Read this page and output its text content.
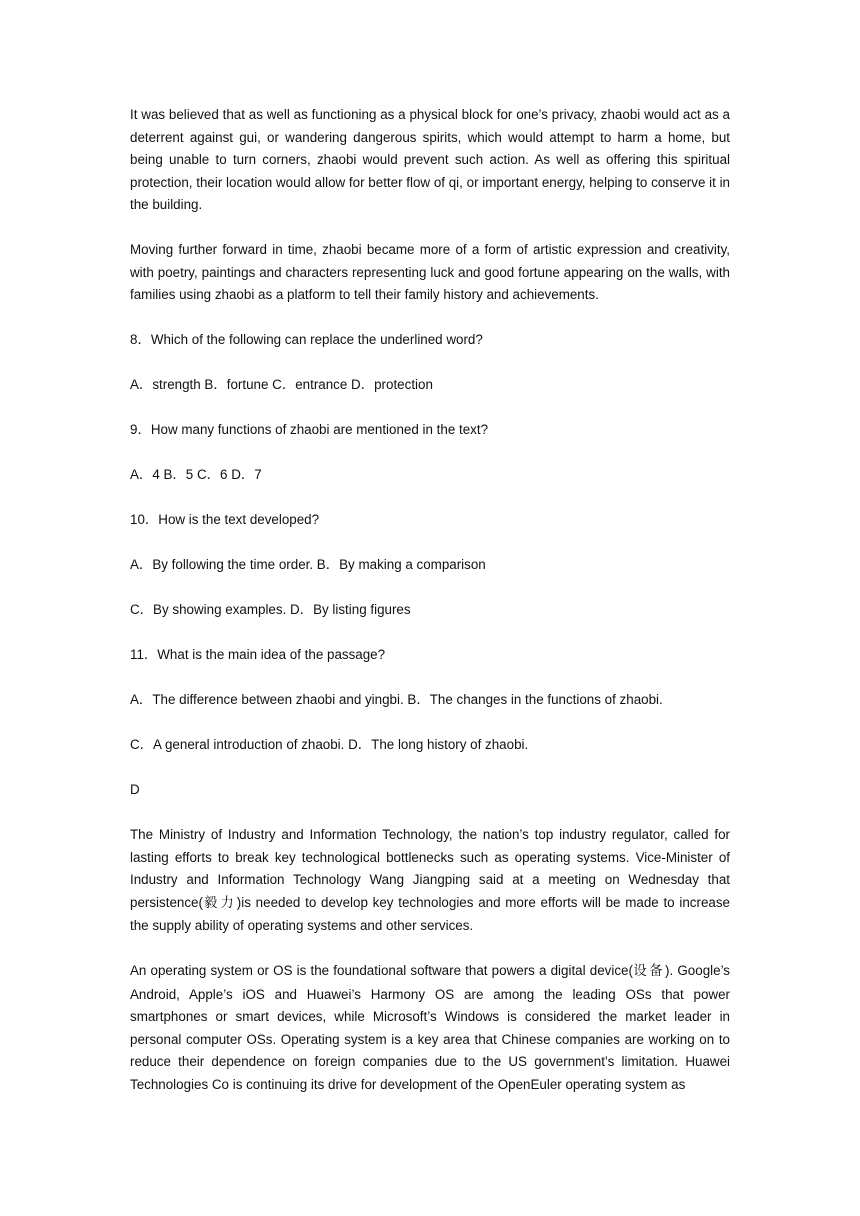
It was believed that as well as functioning as a physical block for one’s privacy, zhaobi would act as a deterrent against gui, or wandering dangerous spirits, which would attempt to harm a home, but being unable to turn corners, zhaobi would prevent such action. As well as offering this spiritual protection, their location would allow for better flow of qi, or important energy, helping to conserve it in the building.

Moving further forward in time, zhaobi became more of a form of artistic expression and creativity, with poetry, paintings and characters representing luck and good fortune appearing on the walls, with families using zhaobi as a platform to tell their family history and achievements.

8．Which of the following can replace the underlined word?
A．strength B．fortune C．entrance D．protection
9．How many functions of zhaobi are mentioned in the text?
A．4 B．5 C．6 D．7
10．How is the text developed?
A．By following the time order. B．By making a comparison
C．By showing examples. D．By listing figures
11．What is the main idea of the passage?
A．The difference between zhaobi and yingbi. B．The changes in the functions of zhaobi.
C．A general introduction of zhaobi. D．The long history of zhaobi.
D

The Ministry of Industry and Information Technology, the nation’s top industry regulator, called for lasting efforts to break key technological bottlenecks such as operating systems. Vice-Minister of Industry and Information Technology Wang Jiangping said at a meeting on Wednesday that persistence(毅力)is needed to develop key technologies and more efforts will be made to increase the supply ability of operating systems and other services.

An operating system or OS is the foundational software that powers a digital device(设备). Google’s Android, Apple’s iOS and Huawei’s Harmony OS are among the leading OSs that power smartphones or smart devices, while Microsoft’s Windows is considered the market leader in personal computer OSs. Operating system is a key area that Chinese companies are working on to reduce their dependence on foreign companies due to the US government’s limitation. Huawei Technologies Co is continuing its drive for development of the OpenEuler operating system as
